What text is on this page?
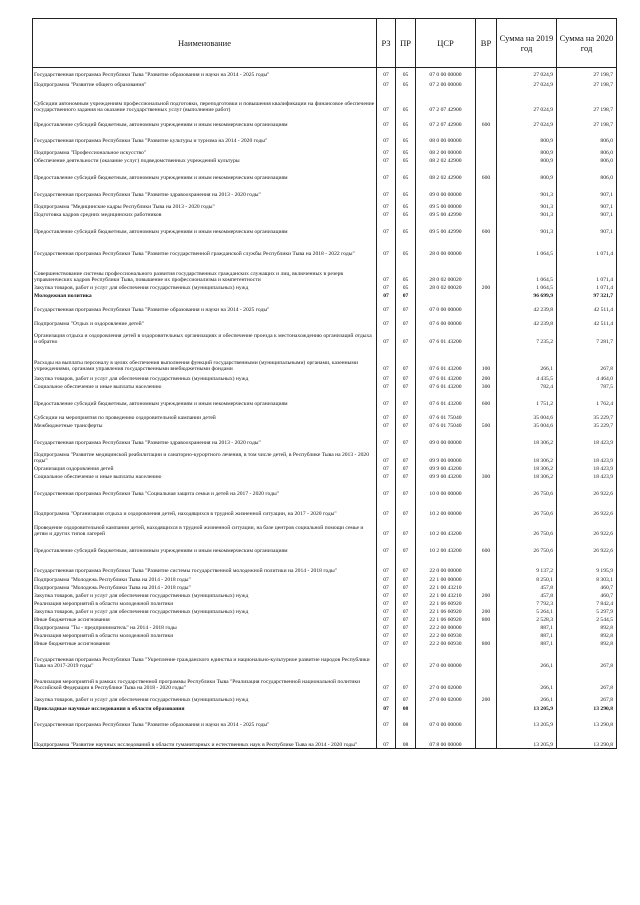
Наименование	РЗ	ПР	ЦСР	ВР	Сумма на 2019 год	Сумма на 2020 год
Государственная программа Республики Тыва "Развитие образования и науки на 2014 - 2025 годы"	07	05	07 0 00 00000		27 024,9	27 198,7
Подпрограмма "Развитие общего образования"	07	05	07 2 00 00000		27 024,9	27 198,7
Субсидии автономным учреждениям профессиональной подготовки, переподготовки и повышения квалификации на финансовое обеспечение государственного задания на оказание государственных услуг (выполнение работ)	07	05	07 2 07 42900		27 024,9	27 198,7
Предоставление субсидий бюджетным, автономным учреждениям и иным некоммерческим организациям	07	05	07 2 07 42900	600	27 024,9	27 198,7
Государственная программа Республики Тыва "Развитие культуры и туризма на 2014 - 2020 годы"	07	05	08 0 00 00000		800,9	806,0
Подпрограмма "Профессиональное искусство"	07	05	08 2 00 00000		800,9	806,0
Обеспечение деятельности (оказание услуг) подведомственных учреждений культуры	07	05	08 2 02 42900		800,9	806,0
Предоставление субсидий бюджетным, автономным учреждениям и иным некоммерческим организациям	07	05	08 2 02 42900	600	800,9	806,0
Государственная программа Республики Тыва "Развитие здравоохранения на 2013 - 2020 годы"	07	05	09 0 00 00000		901,3	907,1
Подпрограмма "Медицинские кадры Республики Тыва на 2013 - 2020 годы"	07	05	09 5 00 00000		901,3	907,1
Подготовка кадров средних медицинских работников	07	05	09 5 00 42990		901,3	907,1
Предоставление субсидий бюджетным, автономным учреждениям и иным некоммерческим организациям	07	05	09 5 00 42990	600	901,3	907,1
Государственная программа Республики Тыва "Развитие государственной гражданской службы Республики Тыва на 2018 - 2022 годы"	07	05	28 0 00 00000		1 064,5	1 071,4
Совершенствование системы профессионального развития государственных гражданских служащих и лиц, включенных в резерв управленческих кадров Республики Тыва, повышение их профессионализма и компетентности	07	05	28 0 02 00020		1 064,5	1 071,4
Закупка товаров, работ и услуг для обеспечения государственных (муниципальных) нужд	07	05	28 0 02 00020	200	1 064,5	1 071,4
Молодежная политика	07	07			96 699,9	97 321,7
Государственная программа Республики Тыва "Развитие образования и науки на 2014 - 2025 годы"	07	07	07 0 00 00000		42 239,8	42 511,4
Подпрограмма "Отдых и оздоровление детей"	07	07	07 6 00 00000		42 239,8	42 511,4
Организация отдыха и оздоровления детей в оздоровительных организациях и обеспечение проезда к местонахождению организаций отдыха и обратно	07	07	07 6 01 43200		7 235,2	7 281,7
Расходы на выплаты персоналу в целях обеспечения выполнения функций государственными (муниципальными) органами, казенными учреждениями, органами управления государственными внебюджетными фондами	07	07	07 6 01 43200	100	266,1	267,8
Закупка товаров, работ и услуг для обеспечения государственных (муниципальных) нужд	07	07	07 6 01 43200	200	4 435,5	4 464,0
Социальное обеспечение и иные выплаты населению	07	07	07 6 01 43200	300	782,4	787,5
Предоставление субсидий бюджетным, автономным учреждениям и иным некоммерческим организациям	07	07	07 6 01 43200	600	1 751,2	1 762,4
Субсидии на мероприятия по проведению оздоровительной кампании детей	07	07	07 6 01 75040		35 004,6	35 229,7
Межбюджетные трансферты	07	07	07 6 01 75040	500	35 004,6	35 229,7
Государственная программа Республики Тыва "Развитие здравоохранения на 2013 - 2020 годы"	07	07	09 0 00 00000		18 306,2	18 423,9
Подпрограмма "Развитие медицинской реабилитации и санаторно-курортного лечения, в том числе детей, в Республике Тыва на 2013 - 2020 годы"	07	07	09 9 00 00000		18 306,2	18 423,9
Организация оздоровления детей	07	07	09 9 00 43200		18 306,2	18 423,9
Социальное обеспечение и иные выплаты населению	07	07	09 9 00 43200	300	18 306,2	18 423,9
Государственная программа Республики Тыва "Социальная защита семьи и детей на 2017 - 2020 годы"	07	07	10 0 00 00000		26 750,6	26 922,6
Подпрограмма "Организация отдыха и оздоровления детей, находящихся в трудной жизненной ситуации, на 2017 - 2020 годы"	07	07	10 2 00 00000		26 750,6	26 922,6
Проведение оздоровительной кампании детей, находящихся в трудной жизненной ситуации, на базе центров социальной помощи семье и детям и других типов лагерей	07	07	10 2 00 43200		26 750,6	26 922,6
Предоставление субсидий бюджетным, автономным учреждениям и иным некоммерческим организациям	07	07	10 2 00 43200	600	26 750,6	26 922,6
Государственная программа Республики Тыва "Развитие системы государственной молодежной политики на 2014 - 2018 годы"	07	07	22 0 00 00000		9 137,2	9 195,9
Подпрограмма "Молодежь Республики Тыва на 2014 - 2018 годы"	07	07	22 1 00 00000		8 250,1	8 303,1
Подпрограмма "Молодежь Республики Тыва на 2014 - 2018 годы"	07	07	22 1 00 43210		457,8	460,7
Закупка товаров, работ и услуг для обеспечения государственных (муниципальных) нужд	07	07	22 1 00 43210	200	457,8	460,7
Реализация мероприятий в области молодежной политики	07	07	22 1 06 60920		7 792,3	7 842,4
Закупка товаров, работ и услуг для обеспечения государственных (муниципальных) нужд	07	07	22 1 06 60920	200	5 264,1	5 297,9
Иные бюджетные ассигнования	07	07	22 1 06 60920	800	2 528,3	2 544,5
Подпрограмма "Ты - предприниматель" на 2014 - 2018 годы	07	07	22 2 00 00000		887,1	892,8
Реализация мероприятий в области молодежной политики	07	07	22 2 00 60930		887,1	892,8
Иные бюджетные ассигнования	07	07	22 2 00 60930	800	887,1	892,8
Государственная программа Республики Тыва "Укрепление гражданского единства и национально-культурное развитие народов Республики Тыва на 2017-2019 годы"	07	07	27 0 00 00000		266,1	267,8
Реализация мероприятий в рамках государственной программы Республики Тыва "Реализация государственной национальной политики Российской Федерации в Республике Тыва на 2018 - 2020 годы"	07	07	27 0 00 02000		266,1	267,8
Закупка товаров, работ и услуг для обеспечения государственных (муниципальных) нужд	07	07	27 0 00 02000	200	266,1	267,8
Прикладные научные исследования в области образования	07	08			13 205,9	13 290,8
Государственная программа Республики Тыва "Развитие образования и науки на 2014 - 2025 годы"	07	08	07 0 00 00000		13 205,9	13 290,8
Подпрограмма "Развитие научных исследований в области гуманитарных и естественных наук в Республике Тыва на 2014 - 2020 годы"	07	08	07 8 00 00000		13 205,9	13 290,8
